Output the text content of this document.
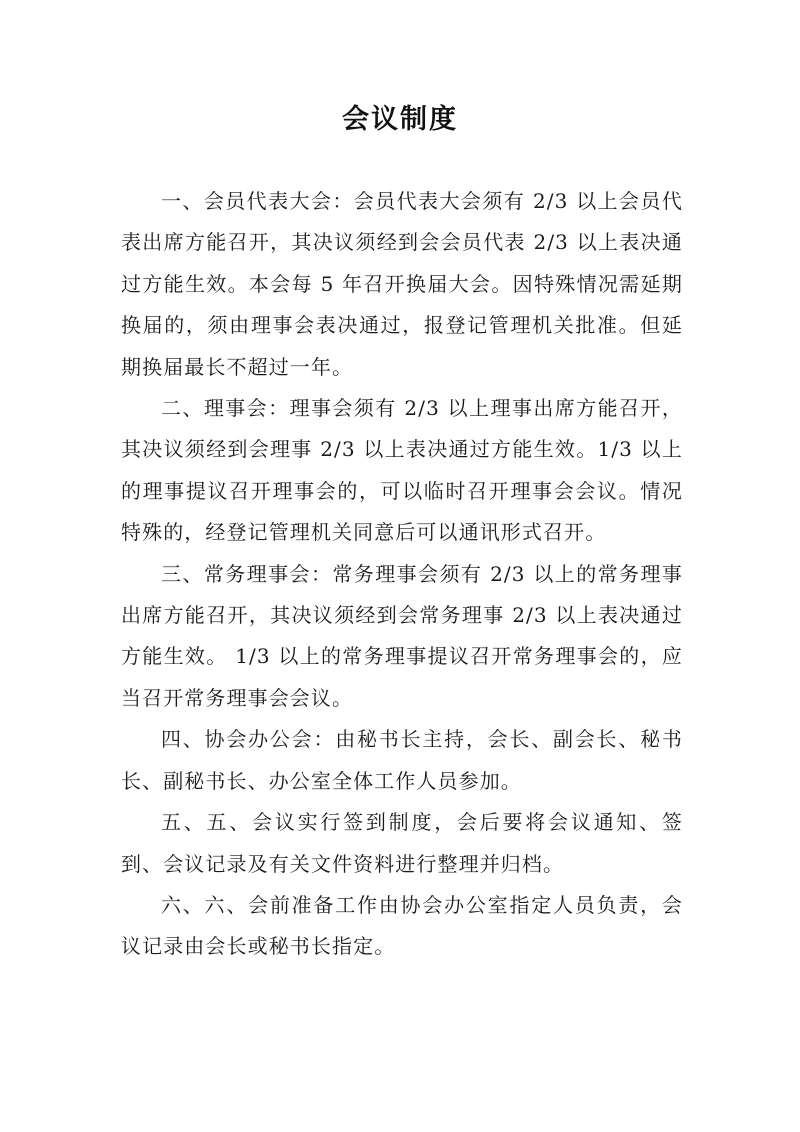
会议制度

一、会员代表大会：会员代表大会须有 2/3 以上会员代表出席方能召开，其决议须经到会会员代表 2/3 以上表决通过方能生效。本会每 5 年召开换届大会。因特殊情况需延期换届的，须由理事会表决通过，报登记管理机关批准。但延期换届最长不超过一年。

二、理事会：理事会须有 2/3 以上理事出席方能召开，其决议须经到会理事 2/3 以上表决通过方能生效。1/3 以上的理事提议召开理事会的，可以临时召开理事会会议。情况特殊的，经登记管理机关同意后可以通讯形式召开。

三、常务理事会：常务理事会须有 2/3 以上的常务理事出席方能召开，其决议须经到会常务理事 2/3 以上表决通过方能生效。 1/3 以上的常务理事提议召开常务理事会的，应当召开常务理事会会议。

四、协会办公会：由秘书长主持，会长、副会长、秘书长、副秘书长、办公室全体工作人员参加。

五、五、会议实行签到制度，会后要将会议通知、签到、会议记录及有关文件资料进行整理并归档。

六、六、会前准备工作由协会办公室指定人员负责，会议记录由会长或秘书长指定。
